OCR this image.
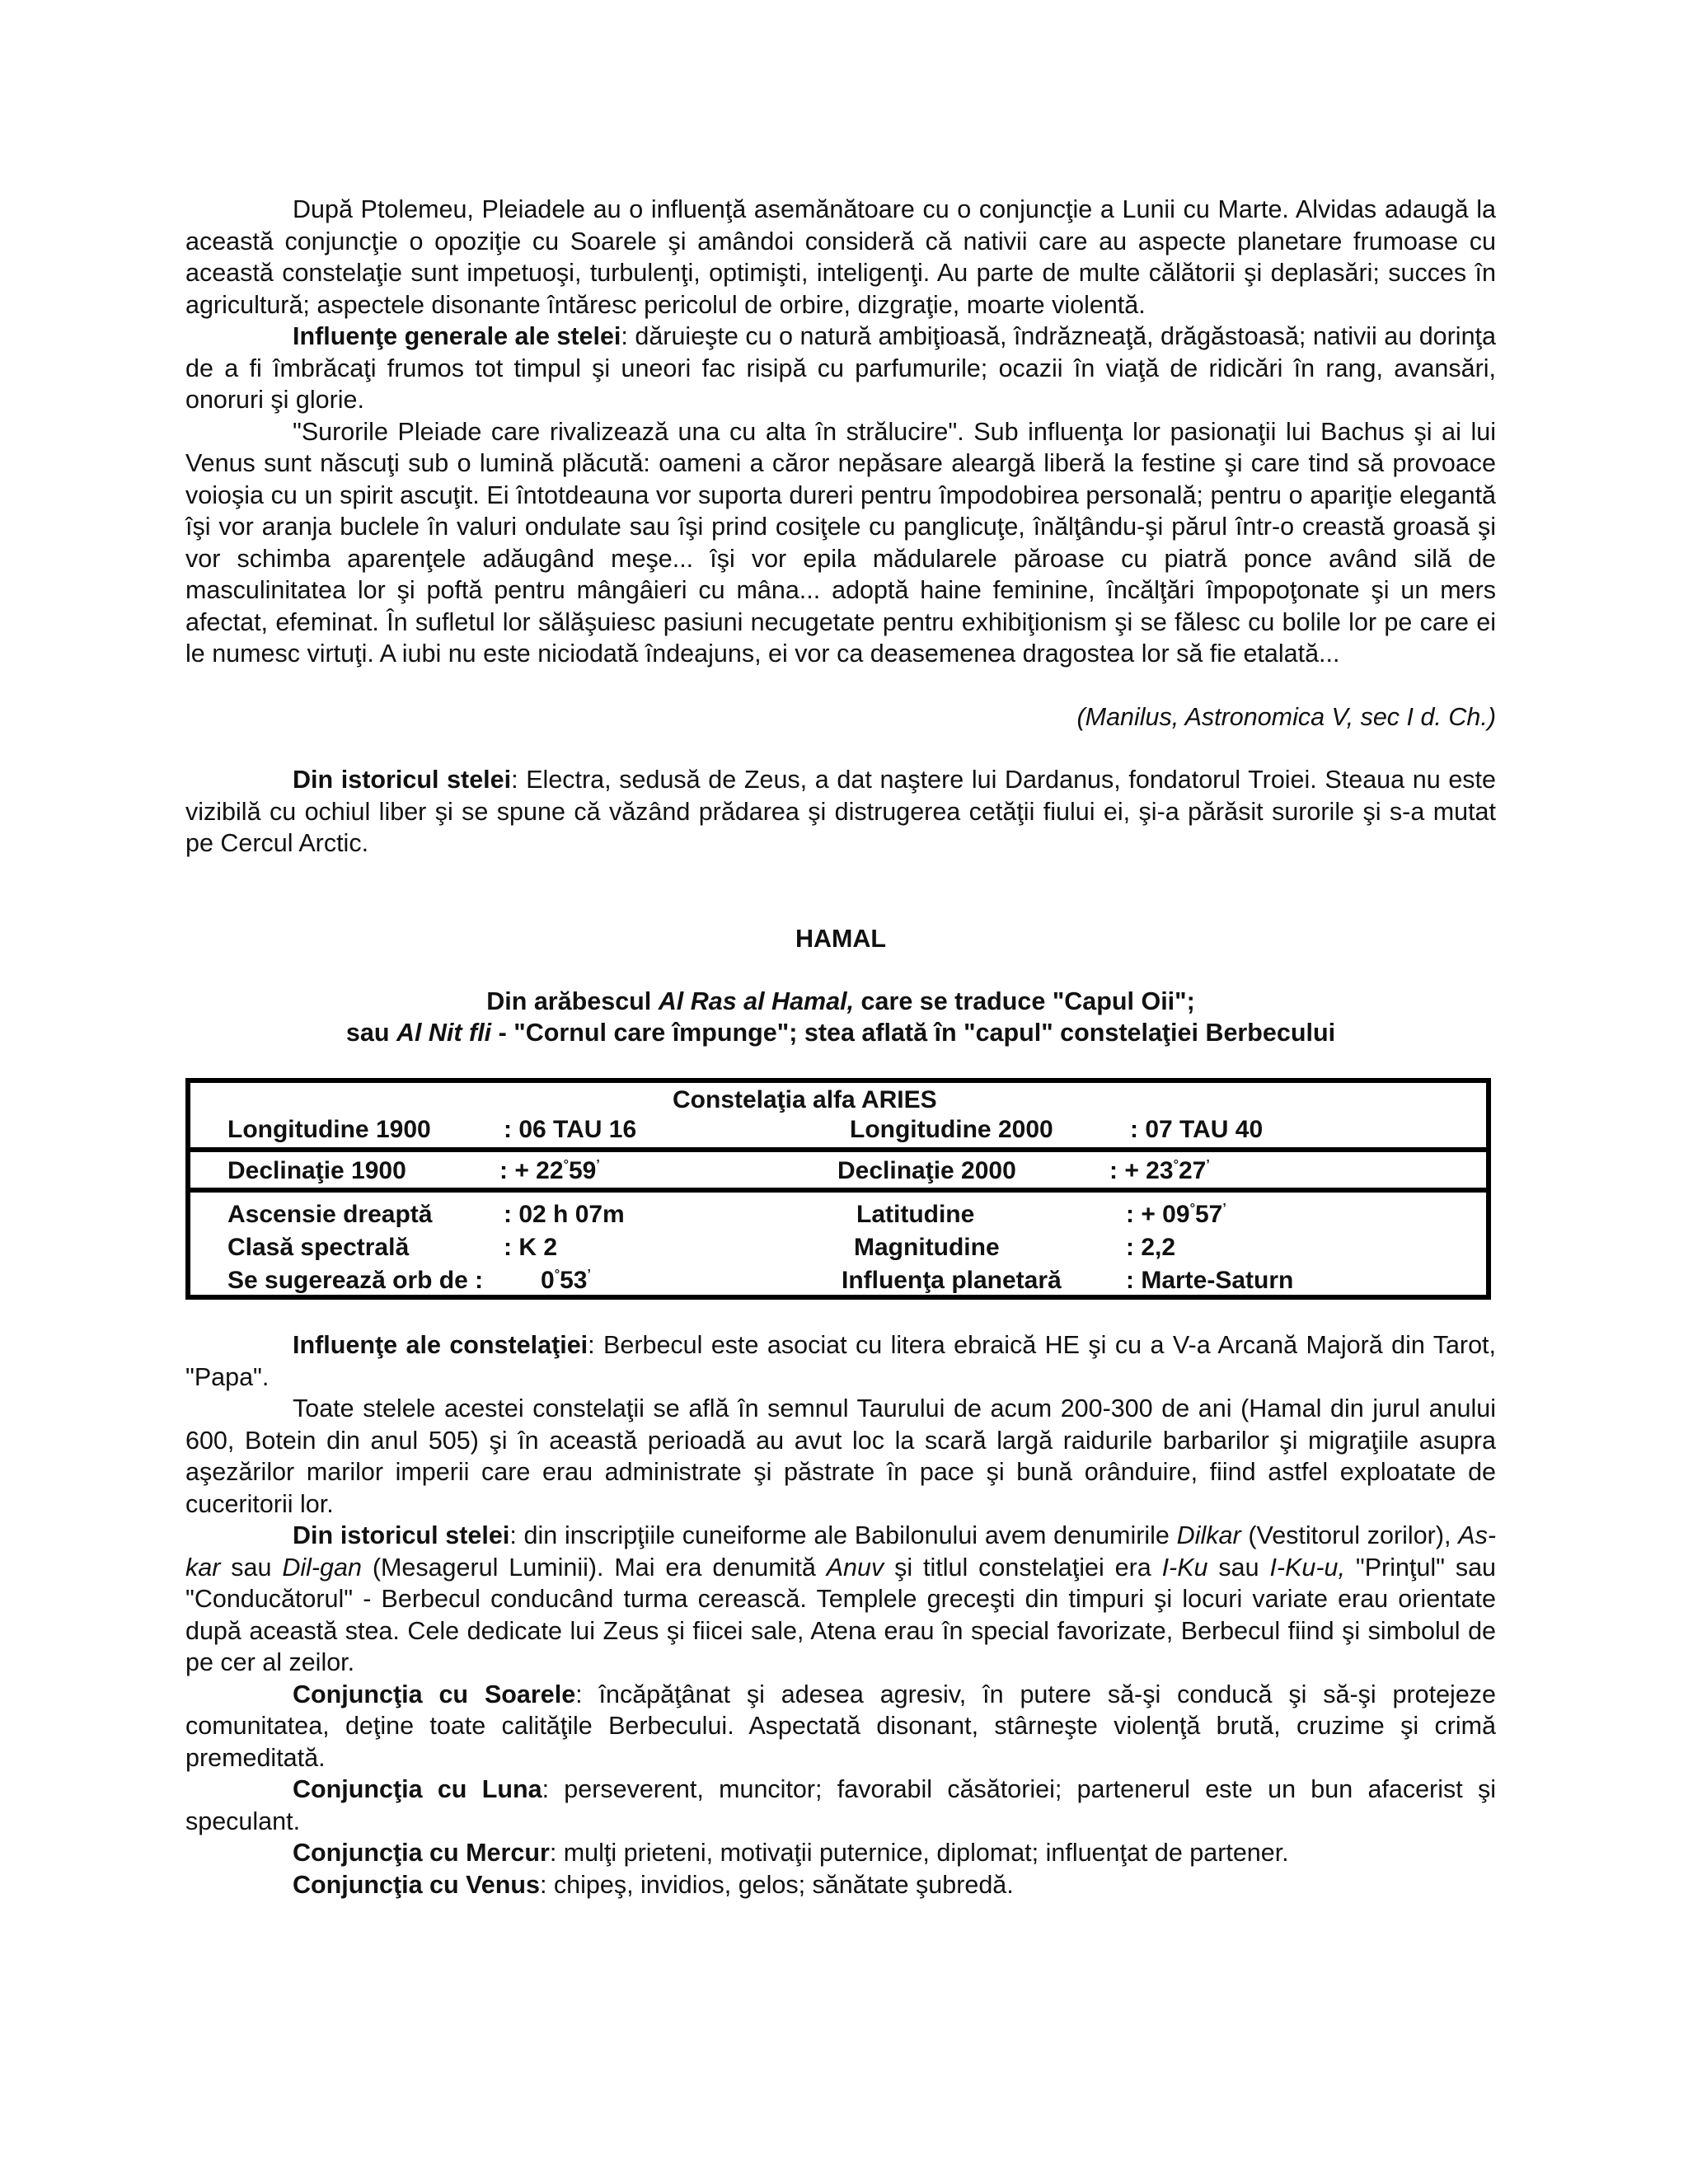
După Ptolemeu, Pleiadele au o influenţă asemănătoare cu o conjuncţie a Lunii cu Marte. Alvidas adaugă la această conjuncţie o opoziţie cu Soarele şi amândoi consideră că nativii care au aspecte planetare frumoase cu această constelaţie sunt impetuoşi, turbulenţi, optimişti, inteligenţi. Au parte de multe călătorii şi deplasări; succes în agricultură; aspectele disonante întăresc pericolul de orbire, dizgraţie, moarte violentă.

Influenţe generale ale stelei: dăruieşte cu o natură ambiţioasă, îndrăzneaţă, drăgăstoasă; nativii au dorinţa de a fi îmbrăcaţi frumos tot timpul şi uneori fac risipă cu parfumurile; ocazii în viaţă de ridicări în rang, avansări, onoruri şi glorie.

"Surorile Pleiade care rivalizează una cu alta în strălucire". Sub influenţa lor pasionaţii lui Bachus şi ai lui Venus sunt născuţi sub o lumină plăcută: oameni a căror nepăsare aleargă liberă la festine şi care tind să provoace voioşia cu un spirit ascuţit. Ei întotdeauna vor suporta dureri pentru împodobirea personală; pentru o apariţie elegantă îşi vor aranja buclele în valuri ondulate sau îşi prind cosiţele cu panglicuţe, înălţându-şi părul într-o creastă groasă şi vor schimba aparenţele adăugând meşe... îşi vor epila mădularele păroase cu piatră ponce având silă de masculinitatea lor şi poftă pentru mângâieri cu mâna... adoptă haine feminine, încălţări împopoţonate şi un mers afectat, efeminat. În sufletul lor sălăşuiesc pasiuni necugetate pentru exhibiţionism şi se fălesc cu bolile lor pe care ei le numesc virtuţi. A iubi nu este niciodată îndeajuns, ei vor ca deasemenea dragostea lor să fie etalată...

(Manilus, Astronomica V, sec I d. Ch.)

Din istoricul stelei: Electra, sedusă de Zeus, a dat naştere lui Dardanus, fondatorul Troiei. Steaua nu este vizibilă cu ochiul liber şi se spune că văzând prădarea şi distrugerea cetăţii fiului ei, şi-a părăsit surorile şi s-a mutat pe Cercul Arctic.

HAMAL

Din arăbescul Al Ras al Hamal, care se traduce "Capul Oii";

sau Al Nit fli - "Cornul care împunge"; stea aflată în "capul" constelaţiei Berbecului

Constelaţia alfa ARIES
Longitudine 1900	: 06 TAU 16	Longitudine 2000	: 07 TAU 40
Declinaţie 1900	: + 22°59’	Declinaţie 2000	: + 23°27’
Ascensie dreaptă	: 02 h 07m	Latitudine	: + 09°57’
Clasă spectrală	: K 2	Magnitudine	: 2,2
Se sugerează orb de : 0°53’	Influenţa planetară	: Marte-Saturn

Influenţe ale constelaţiei: Berbecul este asociat cu litera ebraică HE şi cu a V-a Arcană Majoră din Tarot, "Papa".

Toate stelele acestei constelaţii se află în semnul Taurului de acum 200-300 de ani (Hamal din jurul anului 600, Botein din anul 505) şi în această perioadă au avut loc la scară largă raidurile barbarilor şi migraţiile asupra aşezărilor marilor imperii care erau administrate şi păstrate în pace şi bună orânduire, fiind astfel exploatate de cuceritorii lor.

Din istoricul stelei: din inscripţiile cuneiforme ale Babilonului avem denumirile Dilkar (Vestitorul zorilor), As-kar sau Dil-gan (Mesagerul Luminii). Mai era denumită Anuv şi titlul constelaţiei era I-Ku sau I-Ku-u, "Prinţul" sau "Conducătorul" - Berbecul conducând turma cerească. Templele greceşti din timpuri şi locuri variate erau orientate după această stea. Cele dedicate lui Zeus şi fiicei sale, Atena erau în special favorizate, Berbecul fiind şi simbolul de pe cer al zeilor.

Conjuncţia cu Soarele: încăpăţânat şi adesea agresiv, în putere să-şi conducă şi să-şi protejeze comunitatea, deţine toate calităţile Berbecului. Aspectată disonant, stârneşte violenţă brută, cruzime şi crimă premeditată.

Conjuncţia cu Luna: perseverent, muncitor; favorabil căsătoriei; partenerul este un bun afacerist şi speculant.

Conjuncţia cu Mercur: mulţi prieteni, motivaţii puternice, diplomat; influenţat de partener.

Conjuncţia cu Venus: chipeş, invidios, gelos; sănătate şubredă.
